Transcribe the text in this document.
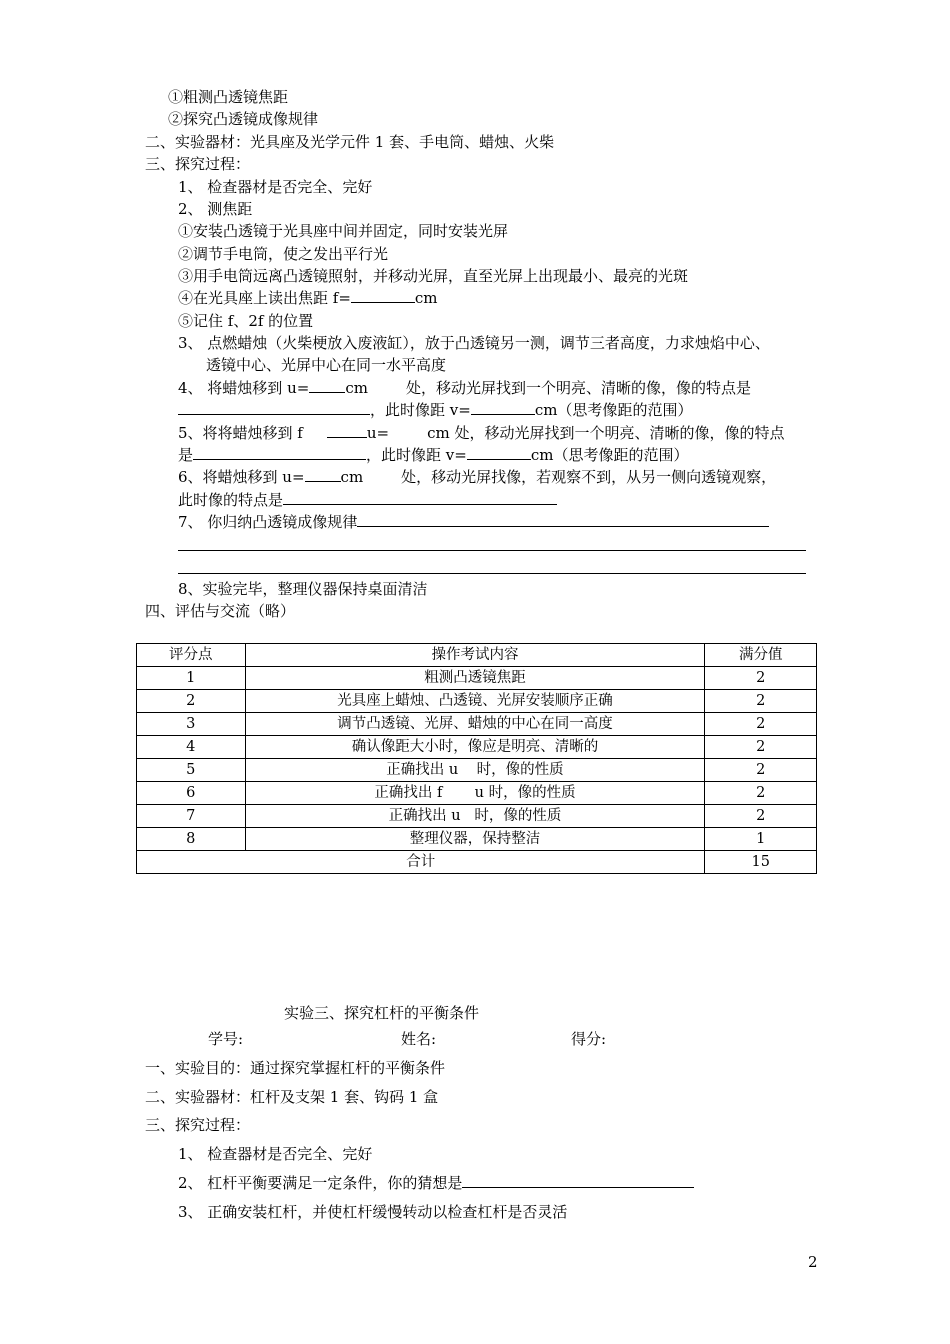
①粗测凸透镜焦距
②探究凸透镜成像规律
二、实验器材：光具座及光学元件 1 套、手电筒、蜡烛、火柴
三、探究过程：
1、 检查器材是否完全、完好
2、 测焦距
①安装凸透镜于光具座中间并固定，同时安装光屏
②调节手电筒，使之发出平行光
③用手电筒远离凸透镜照射，并移动光屏，直至光屏上出现最小、最亮的光斑
④在光具座上读出焦距 f=	cm
⑤记住 f、2f 的位置
3、 点燃蜡烛（火柴梗放入废液缸），放于凸透镜另一测，调节三者高度，力求烛焰中心、
透镜中心、光屏中心在同一水平高度
4、 将蜡烛移到 u= cm	处，移动光屏找到一个明亮、清晰的像，像的特点是
，此时像距 v=	cm（思考像距的范围）
5、将将蜡烛移到 f	u=	cm 处，移动光屏找到一个明亮、清晰的像，像的特点
是	，此时像距 v=	cm（思考像距的范围）
6、将蜡烛移到 u= cm	处，移动光屏找像，若观察不到，从另一侧向透镜观察，
此时像的特点是
7、 你归纳凸透镜成像规律
8、实验完毕，整理仪器保持桌面清洁
四、评估与交流（略）
评分点	操作考试内容	满分值
1	粗测凸透镜焦距	2
2	光具座上蜡烛、凸透镜、光屏安装顺序正确	2
3	调节凸透镜、光屏、蜡烛的中心在同一高度	2
4	确认像距大小时，像应是明亮、清晰的	2
5	正确找出 u    时，像的性质	2
6	正确找出 f       u 时，像的性质	2
7	正确找出 u   时，像的性质	2
8	整理仪器，保持整洁	1
合计		15
实验三、探究杠杆的平衡条件
学号:	姓名:	得分:
一、实验目的：通过探究掌握杠杆的平衡条件
二、实验器材：杠杆及支架 1 套、钩码 1 盒
三、探究过程：
1、 检查器材是否完全、完好
2、 杠杆平衡要满足一定条件，你的猜想是
3、 正确安装杠杆，并使杠杆缓慢转动以检查杠杆是否灵活
2
